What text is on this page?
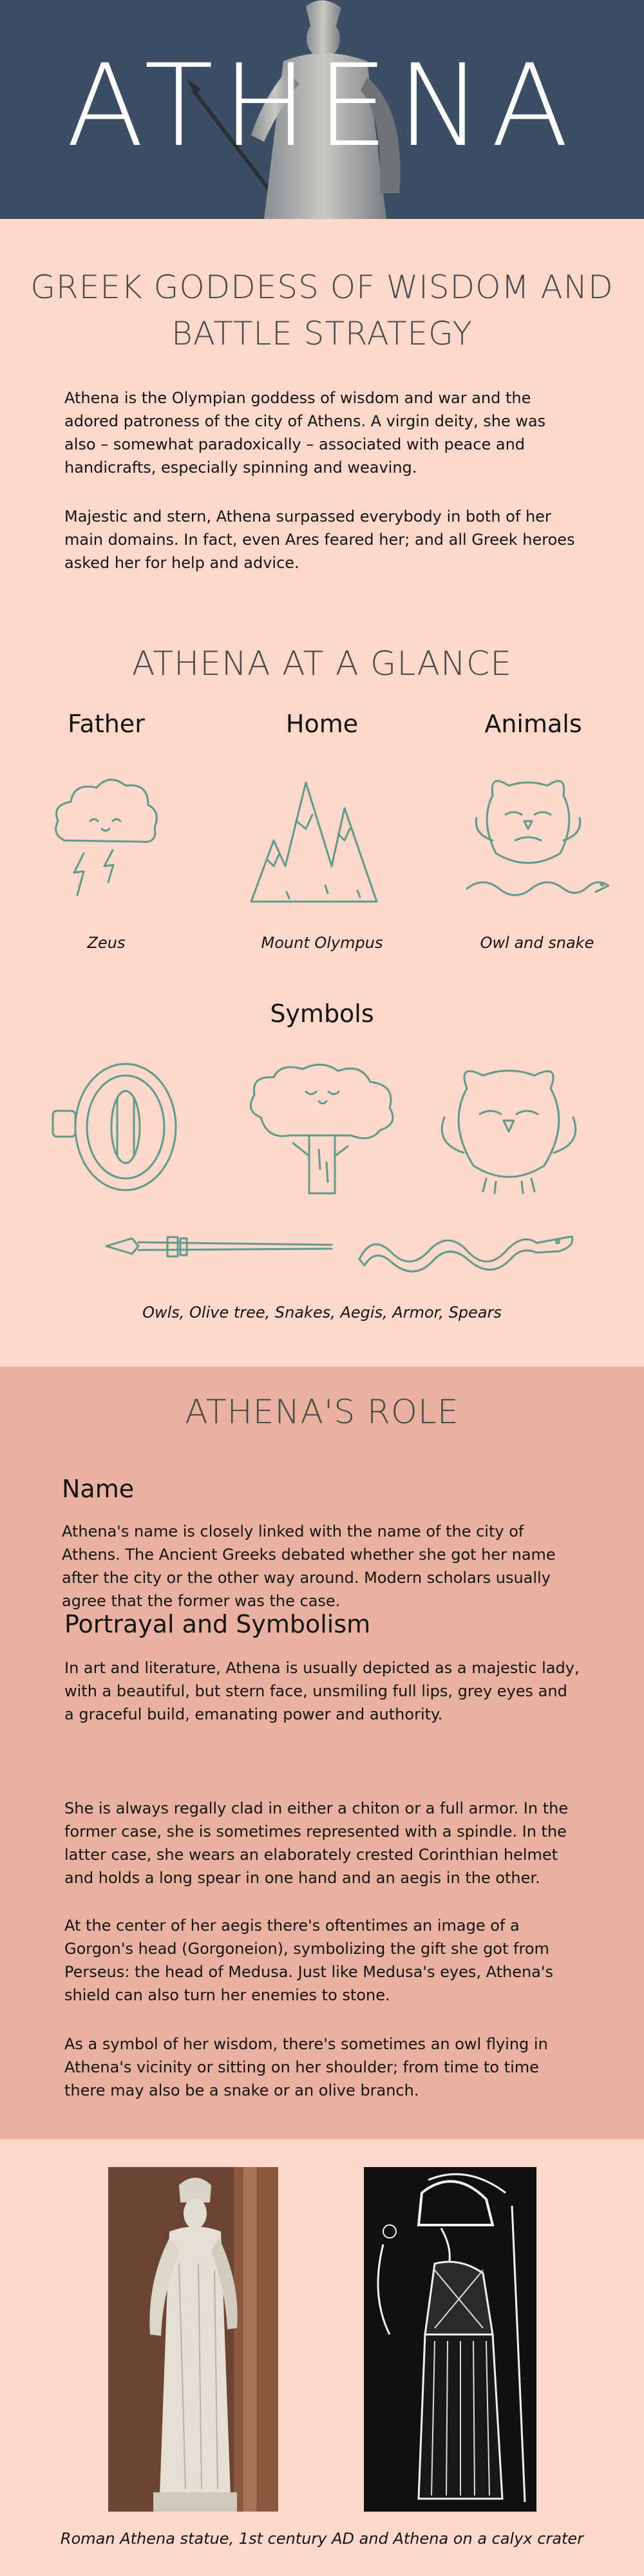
ATHENA
GREEK GODDESS OF WISDOM AND
BATTLE STRATEGY
Athena is the Olympian goddess of wisdom and war and the adored patroness of the city of Athens. A virgin deity, she was also – somewhat paradoxically – associated with peace and handicrafts, especially spinning and weaving.
Majestic and stern, Athena surpassed everybody in both of her main domains. In fact, even Ares feared her; and all Greek heroes asked her for help and advice.
ATHENA AT A GLANCE
Father	Home	Animals
Zeus	Mount Olympus	Owl and snake
Symbols
Owls, Olive tree, Snakes, Aegis, Armor, Spears
ATHENA'S ROLE
Name
Athena's name is closely linked with the name of the city of Athens. The Ancient Greeks debated whether she got her name after the city or the other way around. Modern scholars usually agree that the former was the case.
Portrayal and Symbolism
In art and literature, Athena is usually depicted as a majestic lady, with a beautiful, but stern face, unsmiling full lips, grey eyes and a graceful build, emanating power and authority.
She is always regally clad in either a chiton or a full armor. In the former case, she is sometimes represented with a spindle. In the latter case, she wears an elaborately crested Corinthian helmet and holds a long spear in one hand and an aegis in the other.
At the center of her aegis there's oftentimes an image of a Gorgon's head (Gorgoneion), symbolizing the gift she got from Perseus: the head of Medusa. Just like Medusa's eyes, Athena's shield can also turn her enemies to stone.
As a symbol of her wisdom, there's sometimes an owl flying in Athena's vicinity or sitting on her shoulder; from time to time there may also be a snake or an olive branch.
Roman Athena statue, 1st century AD and Athena on a calyx crater
